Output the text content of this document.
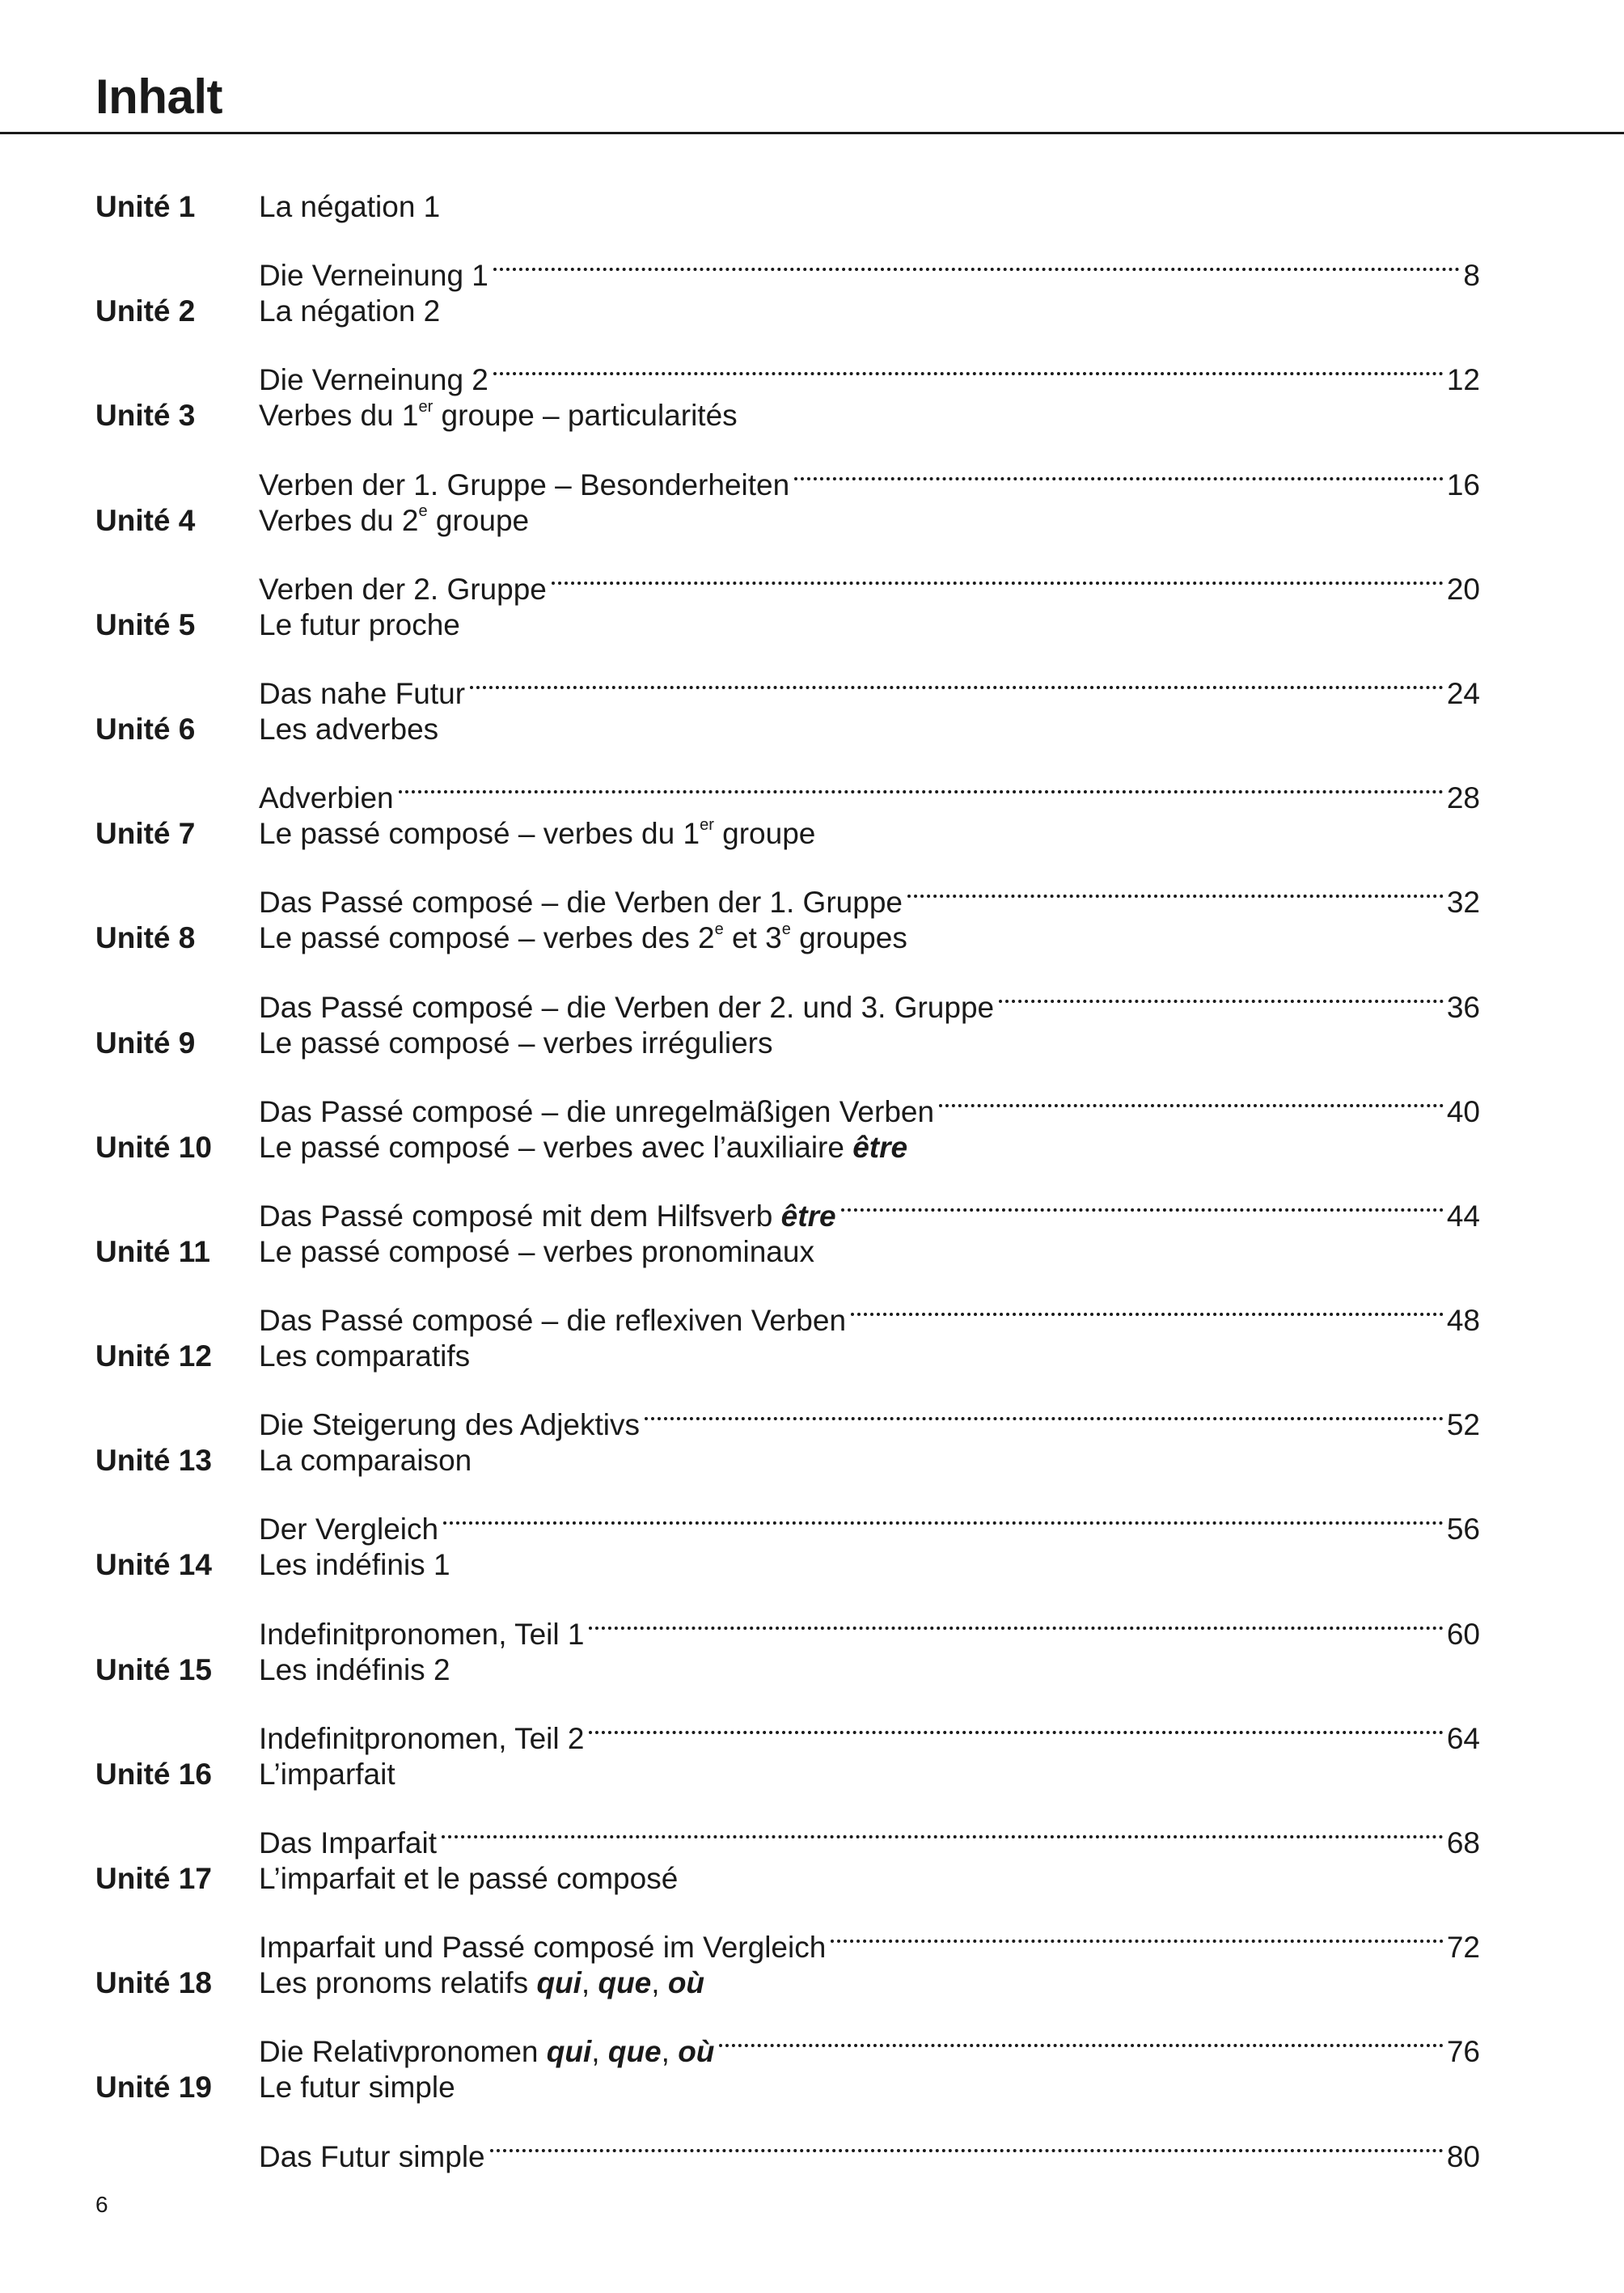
Inhalt
Unité 1 La négation 1
Die Verneinung 1	8
Unité 2 La négation 2
Die Verneinung 2	12
Unité 3 Verbes du 1er groupe – particularités
Verben der 1. Gruppe – Besonderheiten	16
Unité 4 Verbes du 2e groupe
Verben der 2. Gruppe	20
Unité 5 Le futur proche
Das nahe Futur	24
Unité 6 Les adverbes
Adverbien	28
Unité 7 Le passé composé – verbes du 1er groupe
Das Passé composé – die Verben der 1. Gruppe	32
Unité 8 Le passé composé – verbes des 2e et 3e groupes
Das Passé composé – die Verben der 2. und 3. Gruppe	36
Unité 9 Le passé composé – verbes irréguliers
Das Passé composé – die unregelmäßigen Verben	40
Unité 10 Le passé composé – verbes avec l’auxiliaire être
Das Passé composé mit dem Hilfsverb être	44
Unité 11 Le passé composé – verbes pronominaux
Das Passé composé – die reflexiven Verben	48
Unité 12 Les comparatifs
Die Steigerung des Adjektivs	52
Unité 13 La comparaison
Der Vergleich	56
Unité 14 Les indéfinis 1
Indefinitpronomen, Teil 1	60
Unité 15 Les indéfinis 2
Indefinitpronomen, Teil 2	64
Unité 16 L’imparfait
Das Imparfait	68
Unité 17 L’imparfait et le passé composé
Imparfait und Passé composé im Vergleich	72
Unité 18 Les pronoms relatifs qui, que, où
Die Relativpronomen qui, que, où	76
Unité 19 Le futur simple
Das Futur simple	80
6
